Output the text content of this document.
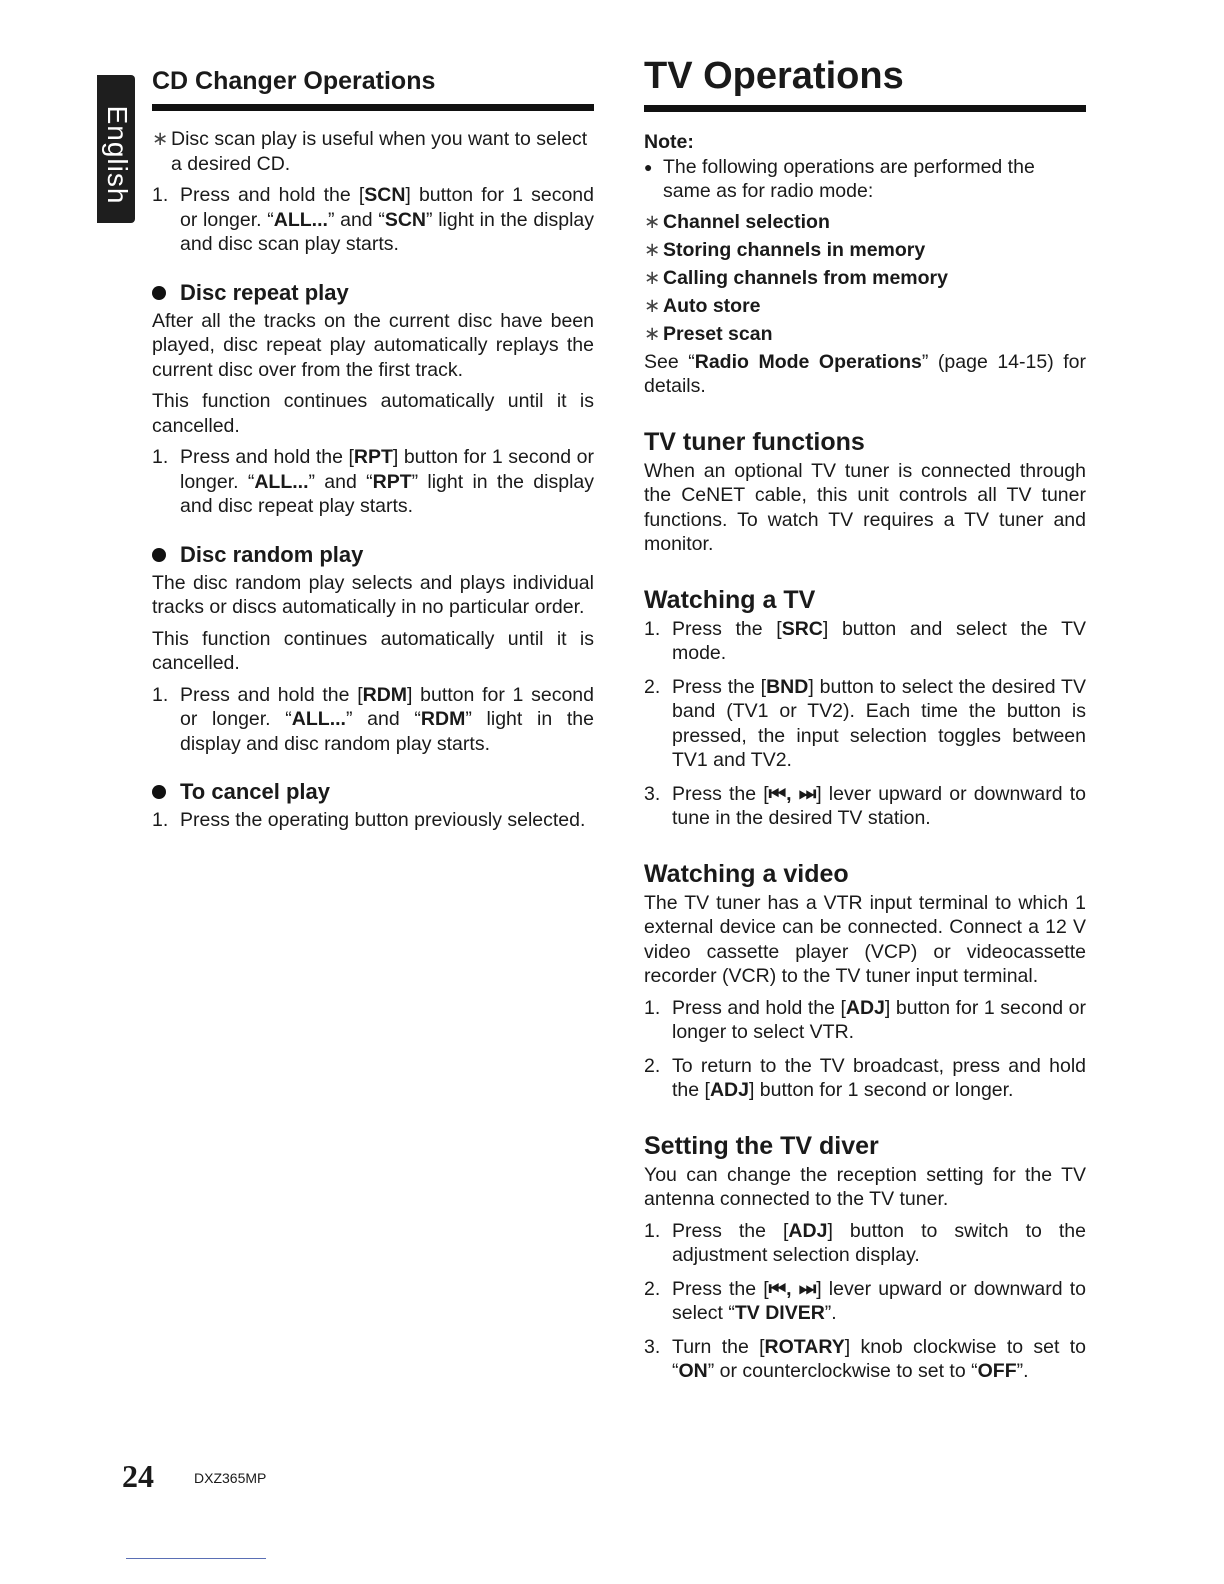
English
CD Changer Operations
∗ Disc scan play is useful when you want to select a desired CD.
1. Press and hold the [SCN] button for 1 second or longer. “ALL...” and “SCN” light in the display and disc scan play starts.
Disc repeat play

After all the tracks on the current disc have been played, disc repeat play automatically replays the current disc over from the first track.

This function continues automatically until it is cancelled.

1. Press and hold the [RPT] button for 1 second or longer. “ALL...” and “RPT” light in the display and disc repeat play starts.
Disc random play

The disc random play selects and plays individual tracks or discs automatically in no particular order.

This function continues automatically until it is cancelled.

1. Press and hold the [RDM] button for 1 second or longer. “ALL...” and “RDM” light in the display and disc random play starts.
To cancel play
1. Press the operating button previously selected.
TV Operations
Note:
● The following operations are performed the same as for radio mode:
∗ Channel selection
∗ Storing channels in memory
∗ Calling channels from memory
∗ Auto store
∗ Preset scan

See “Radio Mode Operations” (page 14-15) for details.

TV tuner functions

When an optional TV tuner is connected through the CeNET cable, this unit controls all TV tuner functions. To watch TV requires a TV tuner and monitor.

Watching a TV
1. Press the [SRC] button and select the TV mode.
2. Press the [BND] button to select the desired TV band (TV1 or TV2). Each time the button is pressed, the input selection toggles between TV1 and TV2.
3. Press the [⏮, ⏭] lever upward or downward to tune in the desired TV station.
Watching a video

The TV tuner has a VTR input terminal to which 1 external device can be connected. Connect a 12 V video cassette player (VCP) or videocassette recorder (VCR) to the TV tuner input terminal.

1. Press and hold the [ADJ] button for 1 second or longer to select VTR.
2. To return to the TV broadcast, press and hold the [ADJ] button for 1 second or longer.
Setting the TV diver

You can change the reception setting for the TV antenna connected to the TV tuner.

1. Press the [ADJ] button to switch to the adjustment selection display.
2. Press the [⏮, ⏭] lever upward or downward to select “TV DIVER”.
3. Turn the [ROTARY] knob clockwise to set to “ON” or counterclockwise to set to “OFF”.
24	DXZ365MP
